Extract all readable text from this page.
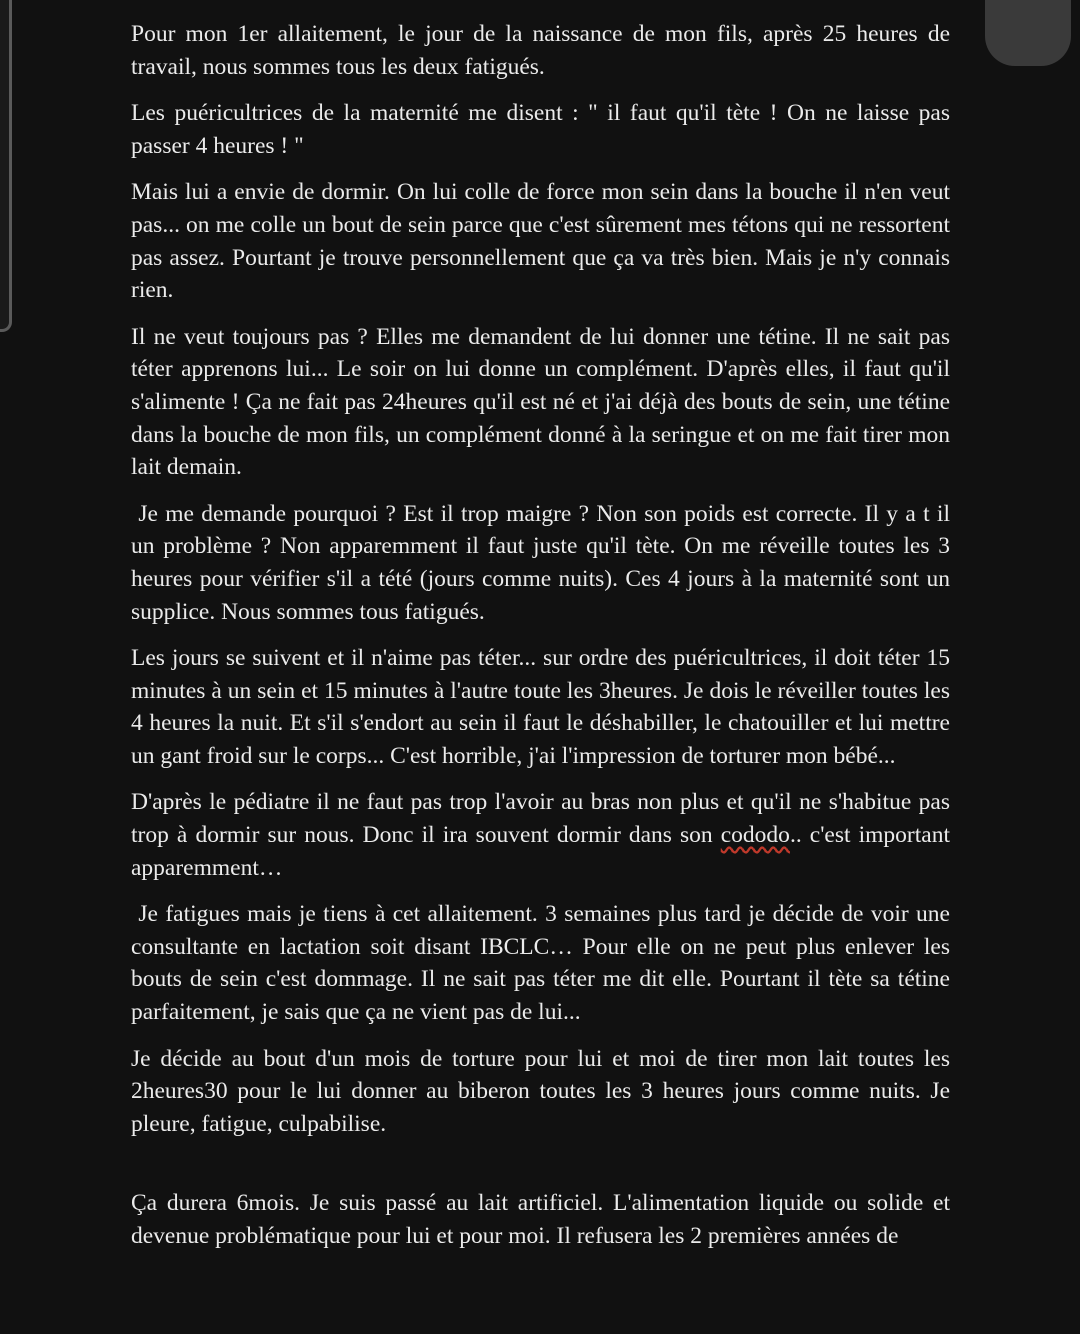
Pour mon 1er allaitement, le jour de la naissance de mon fils, après 25 heures de travail, nous sommes tous les deux fatigués.

Les puéricultrices de la maternité me disent : " il faut qu'il tète ! On ne laisse pas passer 4 heures ! "

Mais lui a envie de dormir. On lui colle de force mon sein dans la bouche il n'en veut pas... on me colle un bout de sein parce que c'est sûrement mes tétons qui ne ressortent pas assez. Pourtant je trouve personnellement que ça va très bien. Mais je n'y connais rien.

Il ne veut toujours pas ? Elles me demandent de lui donner une tétine. Il ne sait pas téter apprenons lui... Le soir on lui donne un complément. D'après elles, il faut qu'il s'alimente ! Ça ne fait pas 24heures qu'il est né et j'ai déjà des bouts de sein, une tétine dans la bouche de mon fils, un complément donné à la seringue et on me fait tirer mon lait demain.

Je me demande pourquoi ? Est il trop maigre ? Non son poids est correcte. Il y a t il un problème ? Non apparemment il faut juste qu'il tète. On me réveille toutes les 3 heures pour vérifier s'il a tété (jours comme nuits). Ces 4 jours à la maternité sont un supplice. Nous sommes tous fatigués.

Les jours se suivent et il n'aime pas téter... sur ordre des puéricultrices, il doit téter 15 minutes à un sein et 15 minutes à l'autre toute les 3heures. Je dois le réveiller toutes les 4 heures la nuit. Et s'il s'endort au sein il faut le déshabiller, le chatouiller et lui mettre un gant froid sur le corps... C'est horrible, j'ai l'impression de torturer mon bébé...

D'après le pédiatre il ne faut pas trop l'avoir au bras non plus et qu'il ne s'habitue pas trop à dormir sur nous. Donc il ira souvent dormir dans son cododo.. c'est important apparemment…

Je fatigues mais je tiens à cet allaitement. 3 semaines plus tard je décide de voir une consultante en lactation soit disant IBCLC… Pour elle on ne peut plus enlever les bouts de sein c'est dommage. Il ne sait pas téter me dit elle. Pourtant il tète sa tétine parfaitement, je sais que ça ne vient pas de lui...

Je décide au bout d'un mois de torture pour lui et moi de tirer mon lait toutes les 2heures30 pour le lui donner au biberon toutes les 3 heures jours comme nuits. Je pleure, fatigue, culpabilise.

Ça durera 6mois. Je suis passé au lait artificiel. L'alimentation liquide ou solide et devenue problématique pour lui et pour moi. Il refusera les 2 premières années de
